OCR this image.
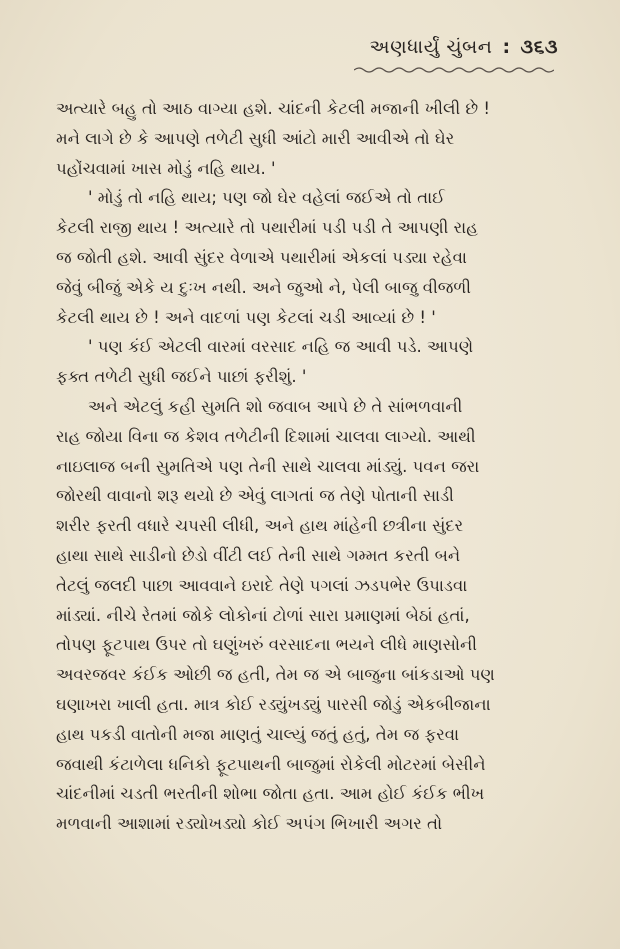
અણધાર્યું ચુંબન : ૩૬૩
અત્યારે બહુ તો આઠ વાગ્યા હશે. ચાંદની કેટલી મજાની ખીલી છે !
મને લાગે છે કે આપણે તળેટી સુધી આંટો મારી આવીએ તો ઘેર
પહોંચવામાં ખાસ મોડું નહિ થાય. '
' મોડું તો નહિ થાય; પણ જો ઘેર વહેલાં જઈએ તો તાઈ
કેટલી રાજી થાય ! અત્યારે તો પથારીમાં પડી પડી તે આપણી રાહ
જ જોતી હશે. આવી સુંદર વેળાએ પથારીમાં એકલાં પડ્યા રહેવા
જેવું બીજું એકે ય દુઃખ નથી. અને જુઓ ને, પેલી બાજુ વીજળી
કેટલી થાય છે ! અને વાદળાં પણ કેટલાં ચડી આવ્યાં છે ! '
' પણ કંઈ એટલી વારમાં વરસાદ નહિ જ આવી પડે. આપણે
ફક્ત તળેટી સુધી જઈને પાછાં ફરીશું. '
અને એટલું કહી સુમતિ શો જવાબ આપે છે તે સાંભળવાની
રાહ જોયા વિના જ કેશવ તળેટીની દિશામાં ચાલવા લાગ્યો. આથી
નાઇલાજ બની સુમતિએ પણ તેની સાથે ચાલવા માંડ્યું. પવન જરા
જોરથી વાવાનો શરૂ થયો છે એવું લાગતાં જ તેણે પોતાની સાડી
શરીર ફરતી વધારે ચપસી લીધી, અને હાથ માંહેની છત્રીના સુંદર
હાથા સાથે સાડીનો છેડો વીંટી લઈ તેની સાથે ગમ્મત કરતી બને
તેટલું જલદી પાછા આવવાને ઇરાદે તેણે પગલાં ઝડપભેર ઉપાડવા
માંડ્યાં. નીચે રેતમાં જોકે લોકોનાં ટોળાં સારા પ્રમાણમાં બેઠાં હતાં,
તોપણ ફૂટપાથ ઉપર તો ઘણુંખરું વરસાદના ભયને લીધે માણસોની
અવરજવર કંઈક ઓછી જ હતી, તેમ જ એ બાજુના બાંકડાઓ પણ
ઘણાખરા ખાલી હતા. માત્ર કોઈ રડ્યુંખડ્યું પારસી જોડું એકબીજાના
હાથ પકડી વાતોની મજા માણતું ચાલ્યું જતું હતું, તેમ જ ફરવા
જવાથી કંટાળેલા ધનિકો ફૂટપાથની બાજુમાં રોકેલી મોટરમાં બેસીને
ચાંદનીમાં ચડતી ભરતીની શોભા જોતા હતા. આમ હોઈ કંઈક ભીખ
મળવાની આશામાં રડ્યોખડ્યો કોઈ અપંગ ભિખારી અગર તો
